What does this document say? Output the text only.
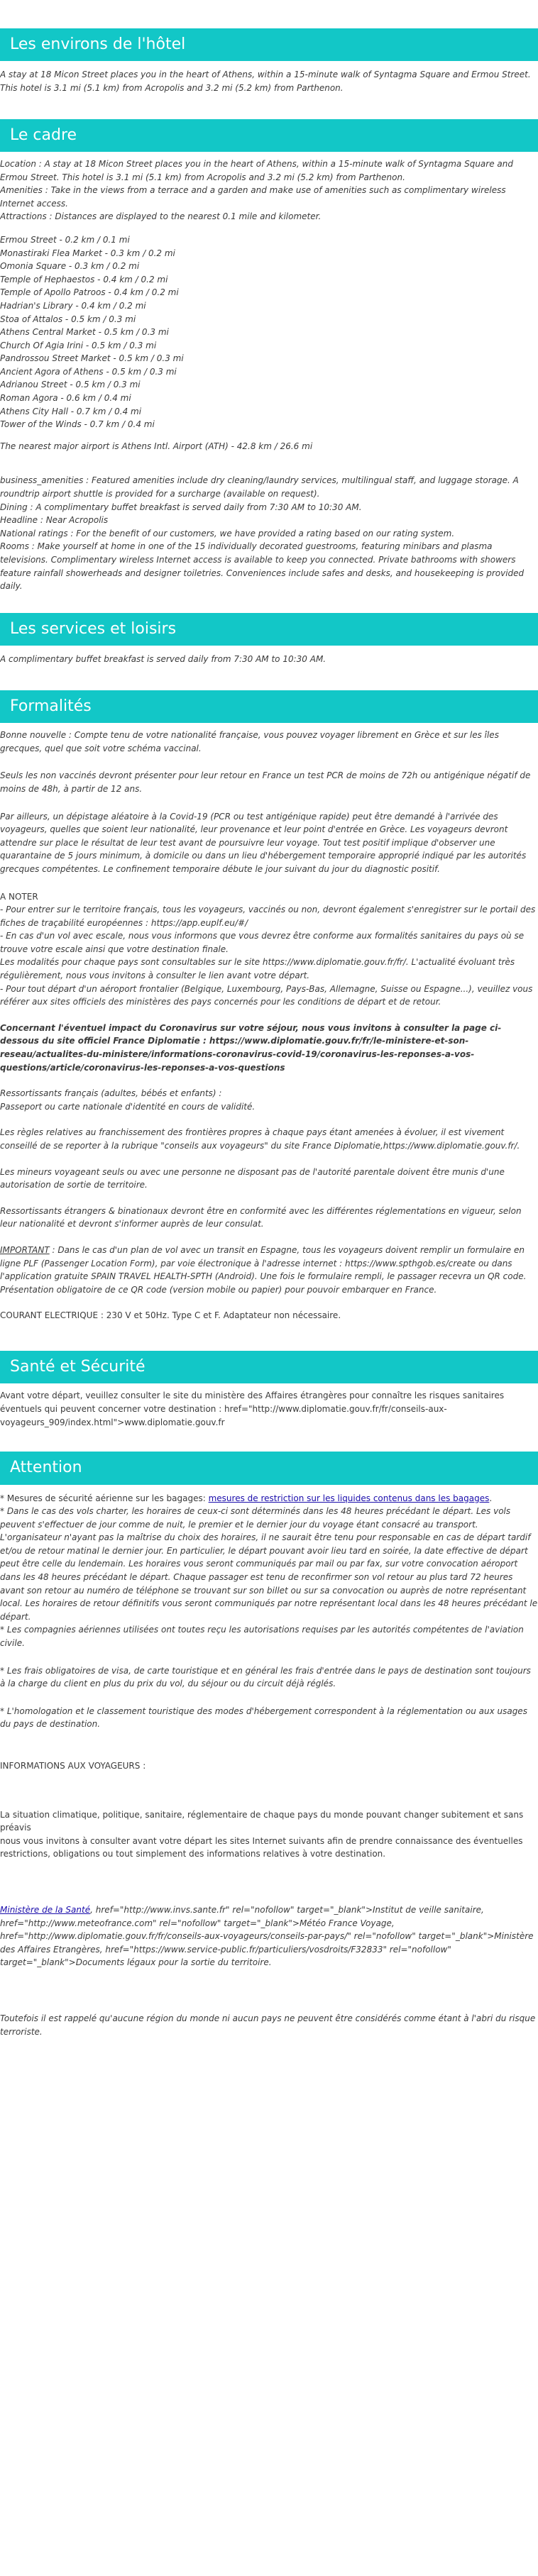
Les environs de l'hôtel

A stay at 18 Micon Street places you in the heart of Athens, within a 15-minute walk of Syntagma Square and Ermou Street. This hotel is 3.1 mi (5.1 km) from Acropolis and 3.2 mi (5.2 km) from Parthenon.

Le cadre

Location : A stay at 18 Micon Street places you in the heart of Athens, within a 15-minute walk of Syntagma Square and Ermou Street. This hotel is 3.1 mi (5.1 km) from Acropolis and 3.2 mi (5.2 km) from Parthenon.

Amenities : Take in the views from a terrace and a garden and make use of amenities such as complimentary wireless Internet access.

Attractions : Distances are displayed to the nearest 0.1 mile and kilometer.

Ermou Street - 0.2 km / 0.1 mi

Monastiraki Flea Market - 0.3 km / 0.2 mi

Omonia Square - 0.3 km / 0.2 mi

Temple of Hephaestos - 0.4 km / 0.2 mi

Temple of Apollo Patroos - 0.4 km / 0.2 mi

Hadrian's Library - 0.4 km / 0.2 mi

Stoa of Attalos - 0.5 km / 0.3 mi

Athens Central Market - 0.5 km / 0.3 mi

Church Of Agia Irini - 0.5 km / 0.3 mi

Pandrossou Street Market - 0.5 km / 0.3 mi

Ancient Agora of Athens - 0.5 km / 0.3 mi

Adrianou Street - 0.5 km / 0.3 mi

Roman Agora - 0.6 km / 0.4 mi

Athens City Hall - 0.7 km / 0.4 mi

Tower of the Winds - 0.7 km / 0.4 mi

The nearest major airport is Athens Intl. Airport (ATH) - 42.8 km / 26.6 mi

business_amenities : Featured amenities include dry cleaning/laundry services, multilingual staff, and luggage storage. A roundtrip airport shuttle is provided for a surcharge (available on request).

Dining : A complimentary buffet breakfast is served daily from 7:30 AM to 10:30 AM.

Headline : Near Acropolis

National ratings : For the benefit of our customers, we have provided a rating based on our rating system.

Rooms : Make yourself at home in one of the 15 individually decorated guestrooms, featuring minibars and plasma televisions. Complimentary wireless Internet access is available to keep you connected. Private bathrooms with showers feature rainfall showerheads and designer toiletries. Conveniences include safes and desks, and housekeeping is provided daily.

Les services et loisirs

A complimentary buffet breakfast is served daily from 7:30 AM to 10:30 AM.

Formalités

Bonne nouvelle : Compte tenu de votre nationalité française, vous pouvez voyager librement en Grèce et sur les îles grecques, quel que soit votre schéma vaccinal.

Seuls les non vaccinés devront présenter pour leur retour en France un test PCR de moins de 72h ou antigénique négatif de moins de 48h, à partir de 12 ans.

Par ailleurs, un dépistage aléatoire à la Covid-19 (PCR ou test antigénique rapide) peut être demandé à l'arrivée des voyageurs, quelles que soient leur nationalité, leur provenance et leur point d'entrée en Grèce. Les voyageurs devront attendre sur place le résultat de leur test avant de poursuivre leur voyage. Tout test positif implique d'observer une quarantaine de 5 jours minimum, à domicile ou dans un lieu d'hébergement temporaire approprié indiqué par les autorités grecques compétentes. Le confinement temporaire débute le jour suivant du jour du diagnostic positif.

A NOTER

- Pour entrer sur le territoire français, tous les voyageurs, vaccinés ou non, devront également s'enregistrer sur le portail des fiches de traçabilité européennes : https://app.euplf.eu/#/

- En cas d'un vol avec escale, nous vous informons que vous devrez être conforme aux formalités sanitaires du pays où se trouve votre escale ainsi que votre destination finale.

Les modalités pour chaque pays sont consultables sur le site https://www.diplomatie.gouv.fr/fr/. L'actualité évoluant très régulièrement, nous vous invitons à consulter le lien avant votre départ.

- Pour tout départ d'un aéroport frontalier (Belgique, Luxembourg, Pays-Bas, Allemagne, Suisse ou Espagne...), veuillez vous référer aux sites officiels des ministères des pays concernés pour les conditions de départ et de retour.

Concernant l'éventuel impact du Coronavirus sur votre séjour, nous vous invitons à consulter la page ci-dessous du site officiel France Diplomatie : https://www.diplomatie.gouv.fr/fr/le-ministere-et-son-reseau/actualites-du-ministere/informations-coronavirus-covid-19/coronavirus-les-reponses-a-vos-questions/article/coronavirus-les-reponses-a-vos-questions

Ressortissants français (adultes, bébés et enfants) :

Passeport ou carte nationale d'identité en cours de validité.

Les règles relatives au franchissement des frontières propres à chaque pays étant amenées à évoluer, il est vivement conseillé de se reporter à la rubrique "conseils aux voyageurs" du site France Diplomatie,https://www.diplomatie.gouv.fr/.

Les mineurs voyageant seuls ou avec une personne ne disposant pas de l'autorité parentale doivent être munis d'une autorisation de sortie de territoire.

Ressortissants étrangers & binationaux devront être en conformité avec les différentes réglementations en vigueur, selon leur nationalité et devront s'informer auprès de leur consulat.

IMPORTANT : Dans le cas d'un plan de vol avec un transit en Espagne, tous les voyageurs doivent remplir un formulaire en ligne PLF (Passenger Location Form), par voie électronique à l'adresse internet : https://www.spthgob.es/create ou dans l'application gratuite SPAIN TRAVEL HEALTH-SPTH (Android). Une fois le formulaire rempli, le passager recevra un QR code. Présentation obligatoire de ce QR code (version mobile ou papier) pour pouvoir embarquer en France.

COURANT ELECTRIQUE : 230 V et 50Hz. Type C et F. Adaptateur non nécessaire.

Santé et Sécurité

Avant votre départ, veuillez consulter le site du ministère des Affaires étrangères pour connaître les risques sanitaires éventuels qui peuvent concerner votre destination : href="http://www.diplomatie.gouv.fr/fr/conseils-aux-voyageurs_909/index.html">www.diplomatie.gouv.fr

Attention

* Mesures de sécurité aérienne sur les bagages: mesures de restriction sur les liquides contenus dans les bagages.

* Dans le cas des vols charter, les horaires de ceux-ci sont déterminés dans les 48 heures précédant le départ. Les vols peuvent s'effectuer de jour comme de nuit, le premier et le dernier jour du voyage étant consacré au transport. L'organisateur n'ayant pas la maîtrise du choix des horaires, il ne saurait être tenu pour responsable en cas de départ tardif et/ou de retour matinal le dernier jour. En particulier, le départ pouvant avoir lieu tard en soirée, la date effective de départ peut être celle du lendemain. Les horaires vous seront communiqués par mail ou par fax, sur votre convocation aéroport dans les 48 heures précédant le départ. Chaque passager est tenu de reconfirmer son vol retour au plus tard 72 heures avant son retour au numéro de téléphone se trouvant sur son billet ou sur sa convocation ou auprès de notre représentant local. Les horaires de retour définitifs vous seront communiqués par notre représentant local dans les 48 heures précédant le départ.

* Les compagnies aériennes utilisées ont toutes reçu les autorisations requises par les autorités compétentes de l'aviation civile.

* Les frais obligatoires de visa, de carte touristique et en général les frais d'entrée dans le pays de destination sont toujours à la charge du client en plus du prix du vol, du séjour ou du circuit déjà réglés.

* L'homologation et le classement touristique des modes d'hébergement correspondent à la réglementation ou aux usages du pays de destination.

INFORMATIONS AUX VOYAGEURS :

La situation climatique, politique, sanitaire, réglementaire de chaque pays du monde pouvant changer subitement et sans préavis

nous vous invitons à consulter avant votre départ les sites Internet suivants afin de prendre connaissance des éventuelles restrictions, obligations ou tout simplement des informations relatives à votre destination.

Ministère de la Santé, href="http://www.invs.sante.fr" rel="nofollow" target="_blank">Institut de veille sanitaire, href="http://www.meteofrance.com" rel="nofollow" target="_blank">Météo France Voyage, href="http://www.diplomatie.gouv.fr/fr/conseils-aux-voyageurs/conseils-par-pays/" rel="nofollow" target="_blank">Ministère des Affaires Etrangères, href="https://www.service-public.fr/particuliers/vosdroits/F32833" rel="nofollow" target="_blank">Documents légaux pour la sortie du territoire.

Toutefois il est rappelé qu'aucune région du monde ni aucun pays ne peuvent être considérés comme étant à l'abri du risque terroriste.
